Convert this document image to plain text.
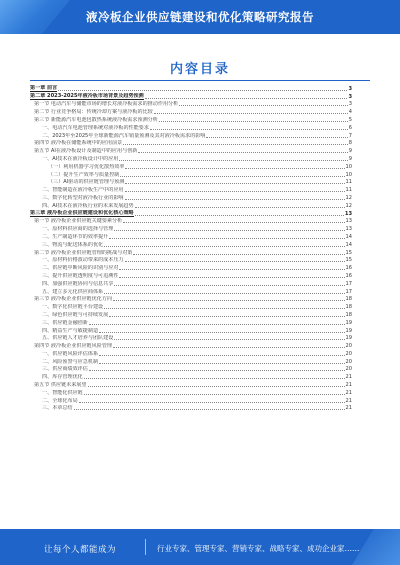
液冷板企业供应链建设和优化策略研究报告
内容目录
第一章 前言	3
第二章 2023-2025年液冷板市场背景及趋势预测	3
第一节 电动汽车与储能市场的增长对液冷板需求的推动作用分析	3
第二节 行业竞争格局：传统冷却方案与液冷板的比较	4
第三节 新能源汽车电池包散热系统液冷板需求预测分析	5
一、电动汽车电池管理系统对液冷板的性能要求	6
二、2023年至2025年全球新能源汽车销量预测及其对液冷板需求的影响	7
第四节 液冷板在储能系统中的应用前景	8
第五节 AI在液冷板设计及制造中的应用与创新	9
一、AI技术在液冷板设计中的应用	9
（一）利用机器学习优化散热效率	10
（二）提升生产效率与质量控制	10
（三）AI驱动的供应链管理与预测	11
二、智能制造在液冷板生产中的应用	11
三、数字化转型对液冷板行业的影响	12
四、AI技术在液冷板行业的未来发展趋势	12
第三章 液冷板企业供应链建设和优化核心策略	13
第一节 液冷板企业供应链关键要素分析	13
一、原材料供应商的选择与管理	13
二、生产制造环节的效率提升	14
三、物流与配送体系的优化	14
第二节 液冷板企业供应链管理的挑战与对策	15
一、原材料价格波动带来的成本压力	15
二、供应链中断风险的识别与应对	16
三、提升供应链透明度与可追溯性	16
四、加强供应链协同与信息共享	17
五、建立多元化供应商体系	17
第三节 液冷板企业供应链优化方向	18
一、数字化供应链平台建设	18
二、绿色供应链与可持续发展	18
三、供应链金融创新	19
四、精益生产与敏捷制造	19
五、供应链人才培养与团队建设	19
第四节 液冷板企业供应链风险管理	20
一、供应链风险评估体系	20
二、风险预警与应急机制	20
三、供应商绩效评估	20
四、库存管理优化	21
第五节 供应链未来展望	21
一、智能化供应链	21
二、全球化布局	21
三、本章总结	21
让每个人都能成为	行业专家、管理专家、营销专家、战略专家、成功企业家……
